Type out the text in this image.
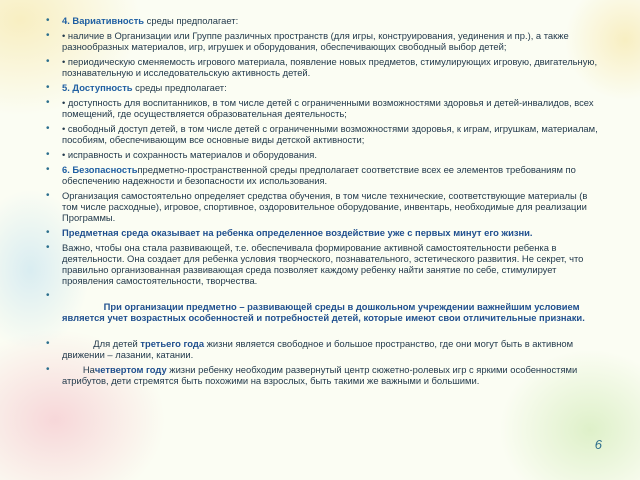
• 4. Вариативность среды предполагает:
• • наличие в Организации или Группе различных пространств (для игры, конструирования, уединения и пр.), а также разнообразных материалов, игр, игрушек и оборудования, обеспечивающих свободный выбор детей;
• • периодическую сменяемость игрового материала, появление новых предметов, стимулирующих игровую, двигательную, познавательную и исследовательскую активность детей.
• 5. Доступность среды предполагает:
• • доступность для воспитанников, в том числе детей с ограниченными возможностями здоровья и детей-инвалидов, всех помещений, где осуществляется образовательная деятельность;
• • свободный доступ детей, в том числе детей с ограниченными возможностями здоровья, к играм, игрушкам, материалам, пособиям, обеспечивающим все основные виды детской активности;
• • исправность и сохранность материалов и оборудования.
• 6. Безопасностьпредметно-пространственной среды предполагает соответствие всех ее элементов требованиям по обеспечению надежности и безопасности их использования.
• Организация самостоятельно определяет средства обучения, в том числе технические, соответствующие материалы (в том числе расходные), игровое, спортивное, оздоровительное оборудование, инвентарь, необходимые для реализации Программы.
• Предметная среда оказывает на ребенка определенное воздействие уже с первых минут его жизни.
• Важно, чтобы она стала развивающей, т.е. обеспечивала формирование активной самостоятельности ребенка в деятельности. Она создает для ребенка условия творческого, познавательного, эстетического развития. Не секрет, что правильно организованная развивающая среда позволяет каждому ребенку найти занятие по себе, стимулирует проявления самостоятельности, творчества.

•             При организации предметно – развивающей среды в дошкольном учреждении важнейшим условием является учет возрастных особенностей и потребностей детей, которые имеют свои отличительные признаки.

•             Для детей третьего года жизни является свободное и большое пространство, где они могут быть в активном движении – лазании, катании.
•         Начетвертом году жизни ребенку необходим развернутый центр сюжетно-ролевых игр с яркими особенностями атрибутов, дети стремятся быть похожими на взрослых, быть такими же важными и большими.
6
